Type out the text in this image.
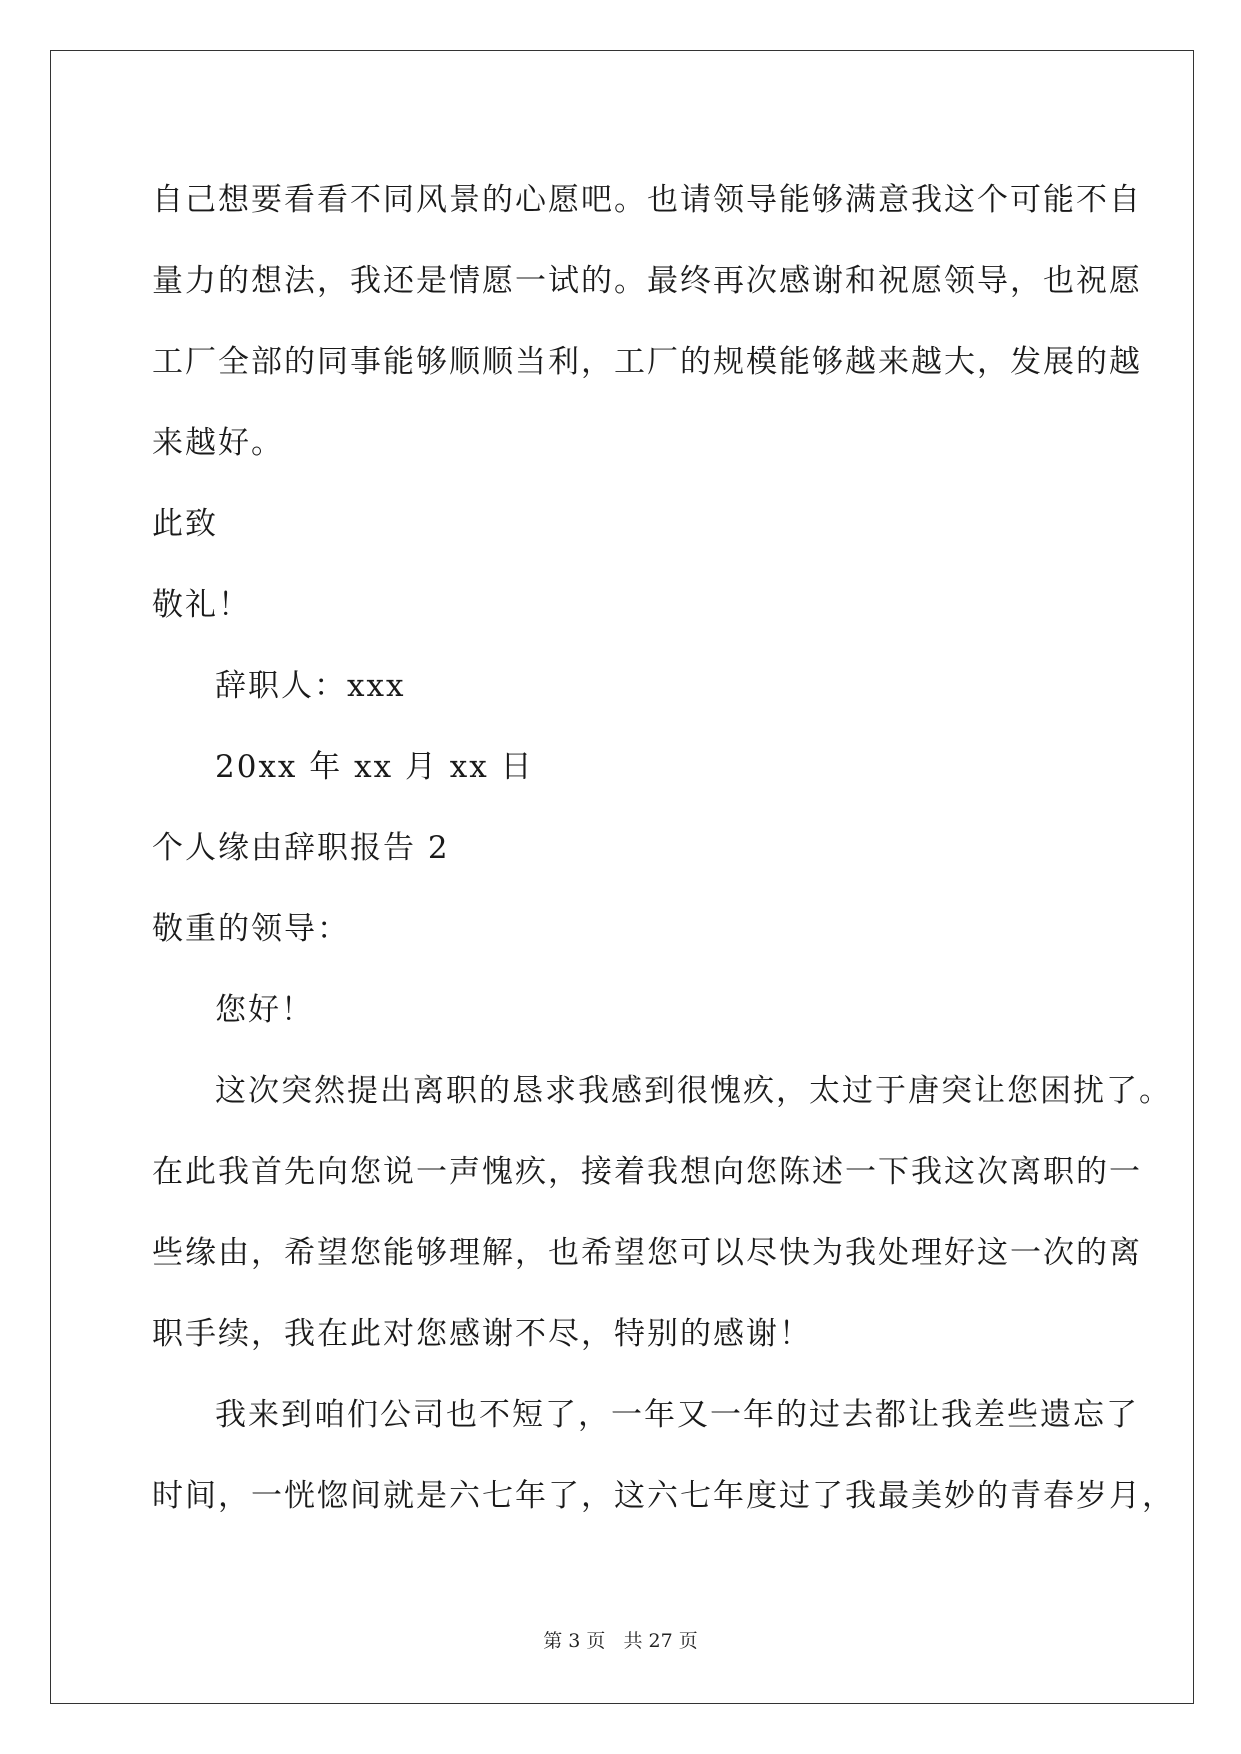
自己想要看看不同风景的心愿吧。也请领导能够满意我这个可能不自
量力的想法，我还是情愿一试的。最终再次感谢和祝愿领导，也祝愿
工厂全部的同事能够顺顺当利，工厂的规模能够越来越大，发展的越
来越好。
此致
敬礼！
辞职人：xxx
20xx 年 xx 月 xx 日
个人缘由辞职报告 2
敬重的领导：
您好！
这次突然提出离职的恳求我感到很愧疚，太过于唐突让您困扰了。
在此我首先向您说一声愧疚，接着我想向您陈述一下我这次离职的一
些缘由，希望您能够理解，也希望您可以尽快为我处理好这一次的离
职手续，我在此对您感谢不尽，特别的感谢！
我来到咱们公司也不短了，一年又一年的过去都让我差些遗忘了
时间，一恍惚间就是六七年了，这六七年度过了我最美妙的青春岁月，
第 3 页 共 27 页
